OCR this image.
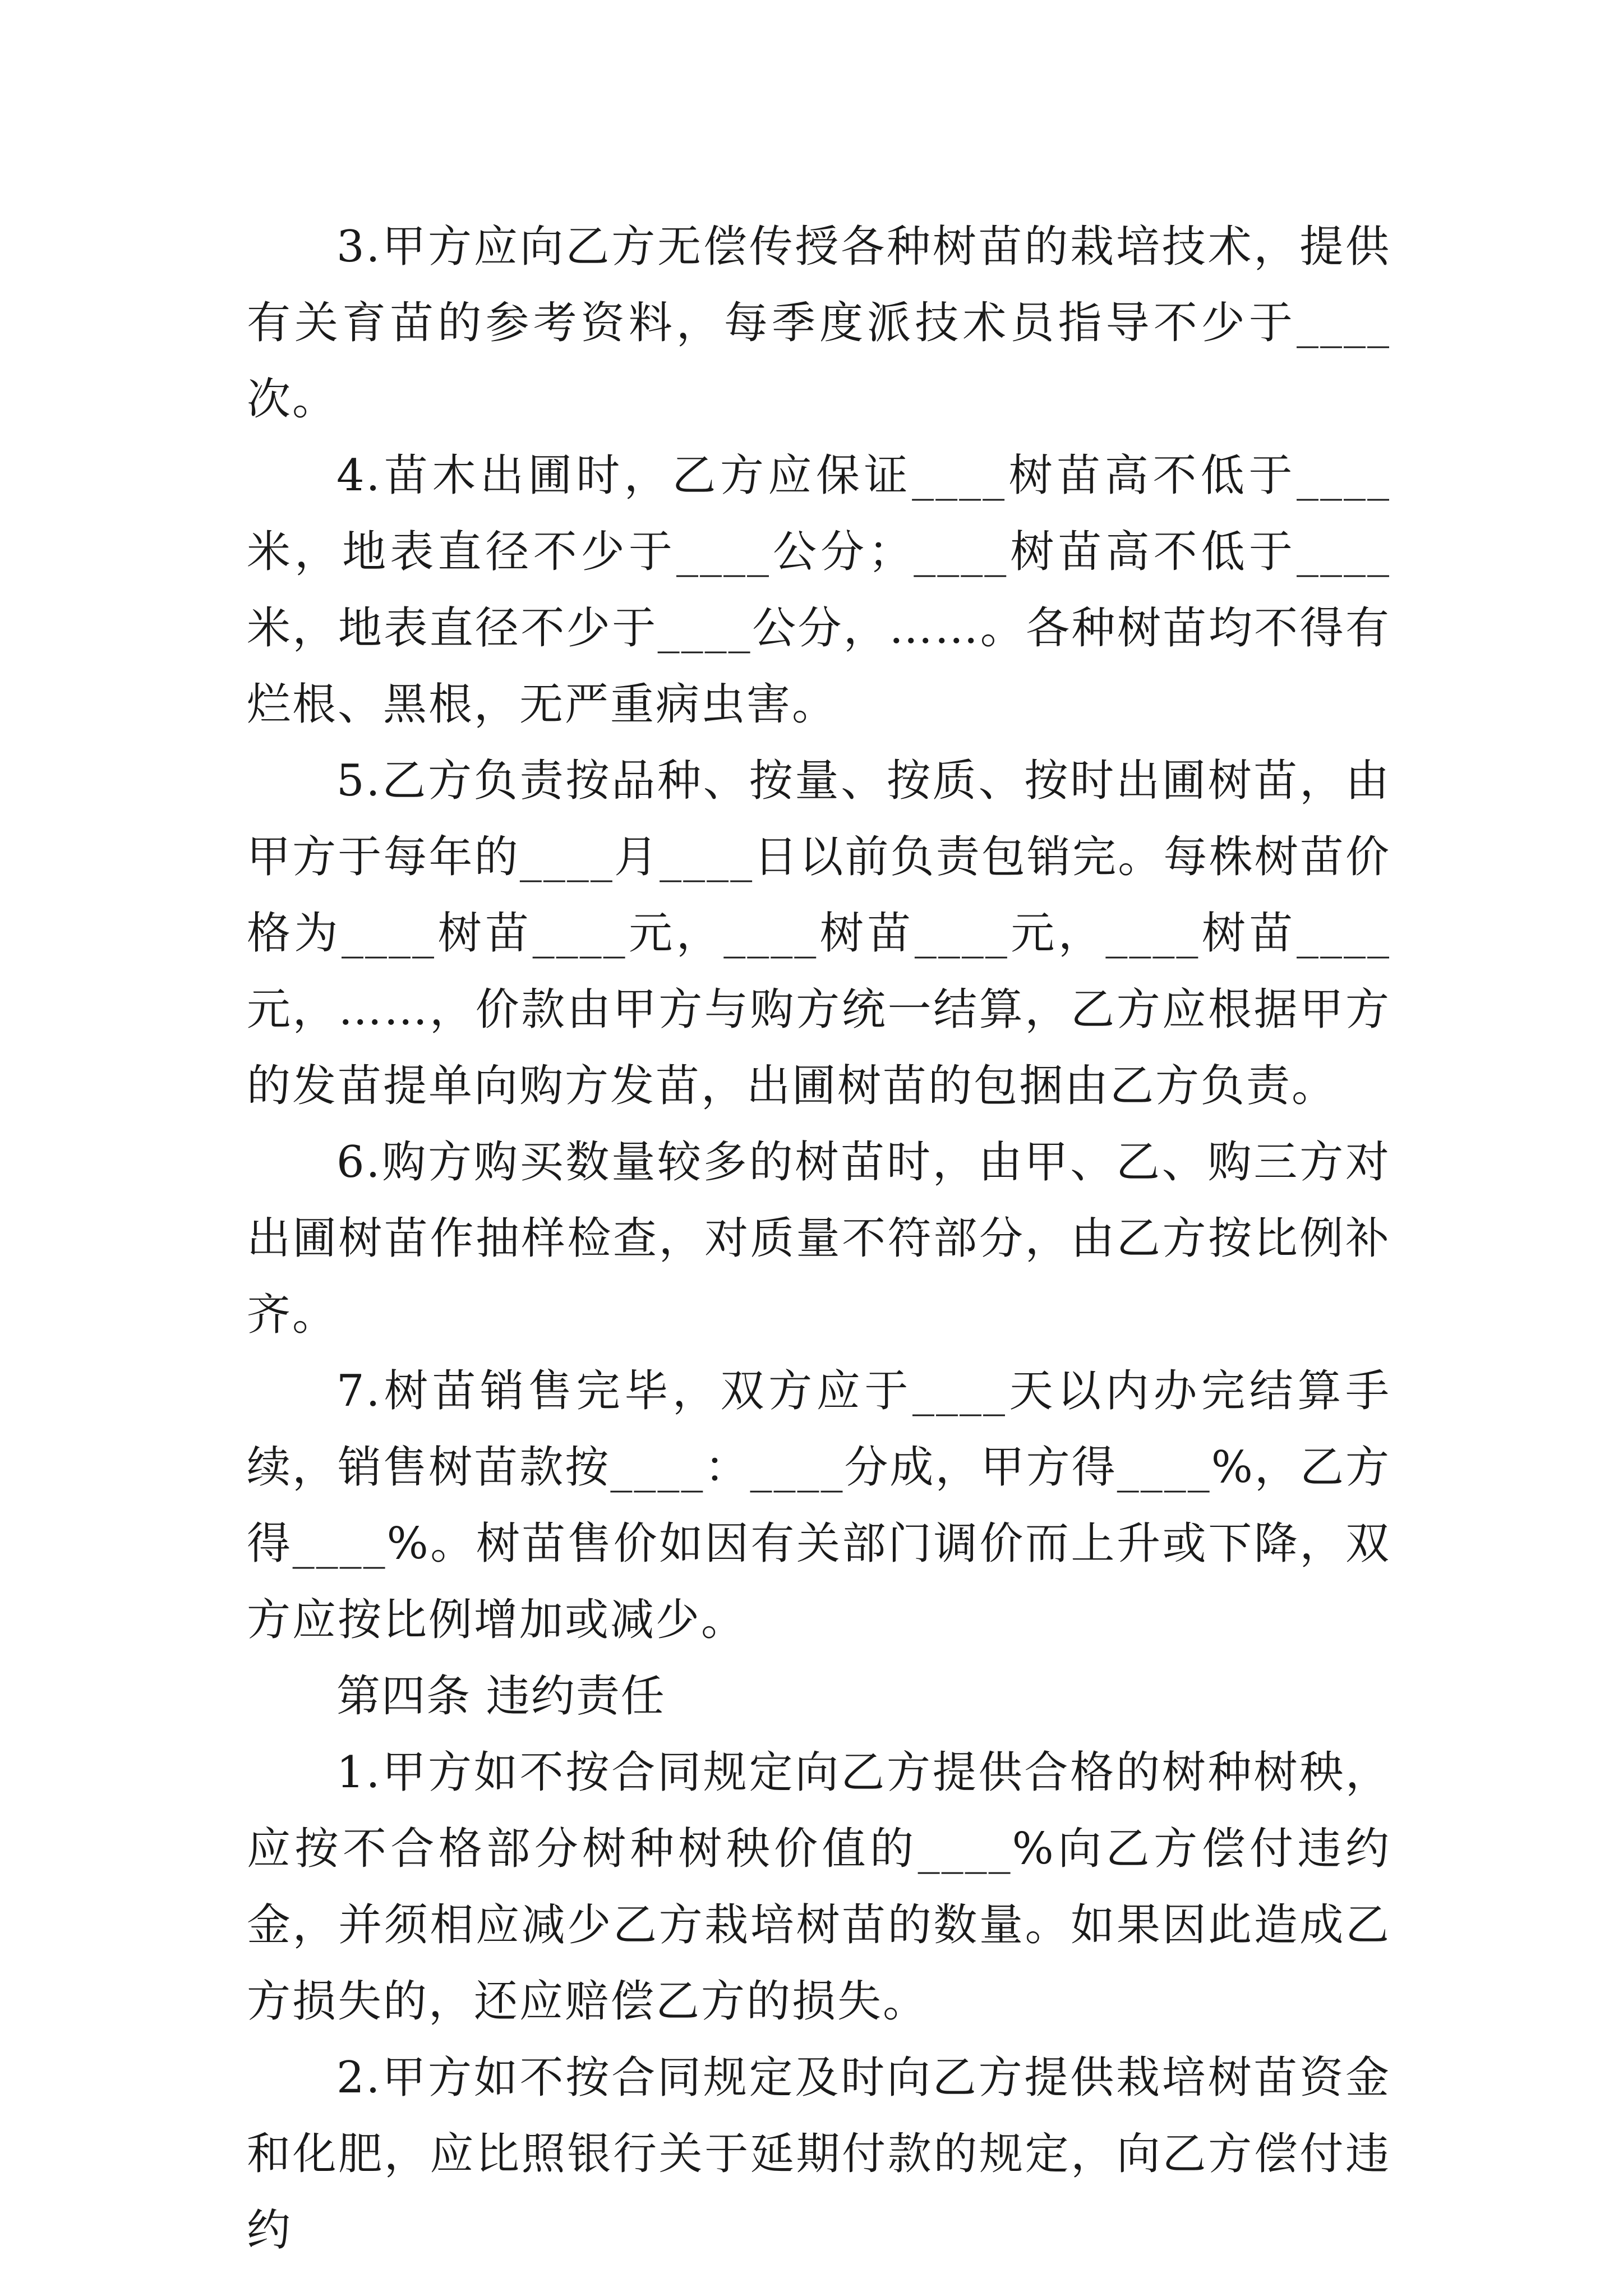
3.甲方应向乙方无偿传授各种树苗的栽培技术，提供有关育苗的参考资料，每季度派技术员指导不少于____次。

4.苗木出圃时，乙方应保证____树苗高不低于____米，地表直径不少于____公分；____树苗高不低于____米，地表直径不少于____公分，……。各种树苗均不得有烂根、黑根，无严重病虫害。

5.乙方负责按品种、按量、按质、按时出圃树苗，由甲方于每年的____月____日以前负责包销完。每株树苗价格为____树苗____元，____树苗____元，____树苗____元，……，价款由甲方与购方统一结算，乙方应根据甲方的发苗提单向购方发苗，出圃树苗的包捆由乙方负责。

6.购方购买数量较多的树苗时，由甲、乙、购三方对出圃树苗作抽样检查，对质量不符部分，由乙方按比例补齐。

7.树苗销售完毕，双方应于____天以内办完结算手续，销售树苗款按____：____分成，甲方得____%，乙方得____%。树苗售价如因有关部门调价而上升或下降，双方应按比例增加或减少。

第四条 违约责任

1.甲方如不按合同规定向乙方提供合格的树种树秧，应按不合格部分树种树秧价值的____%向乙方偿付违约金，并须相应减少乙方栽培树苗的数量。如果因此造成乙方损失的，还应赔偿乙方的损失。

2.甲方如不按合同规定及时向乙方提供栽培树苗资金和化肥，应比照银行关于延期付款的规定，向乙方偿付违约
